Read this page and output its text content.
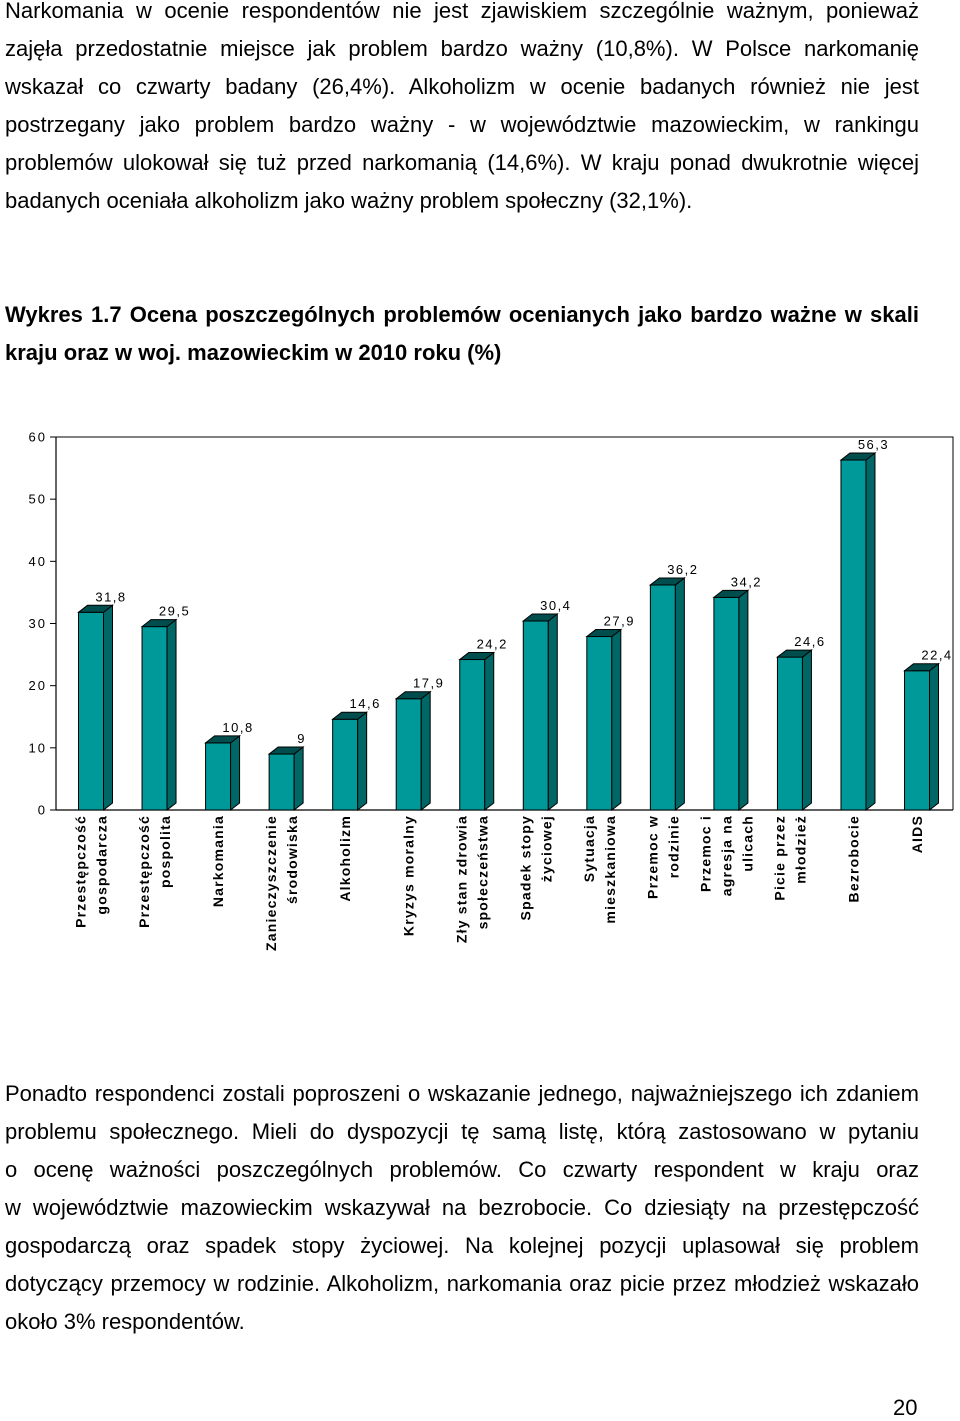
Narkomania w ocenie respondentów nie jest zjawiskiem szczególnie ważnym, ponieważ
zajęła przedostatnie miejsce jak problem bardzo ważny (10,8%). W Polsce narkomanię
wskazał co czwarty badany (26,4%). Alkoholizm w ocenie badanych również nie jest
postrzegany jako problem bardzo ważny - w województwie mazowieckim, w rankingu
problemów ulokował się tuż przed narkomanią (14,6%). W kraju ponad dwukrotnie więcej
badanych oceniała alkoholizm jako ważny problem społeczny (32,1%).
Wykres 1.7 Ocena poszczególnych problemów ocenianych jako bardzo ważne w skali
kraju oraz w woj. mazowieckim w 2010 roku (%)
0
10
20
30
40
50
60
31,8
Przestępczość gospodarcza
29,5
Przestępczość pospolita
10,8
Narkomania
9
Zanieczyszczenie środowiska
14,6
Alkoholizm
17,9
Kryzys moralny
24,2
Zły stan zdrowia społeczeństwa
30,4
Spadek stopy życiowej
27,9
Sytuacja mieszkaniowa
36,2
Przemoc w rodzinie
34,2
Przemoc i agresja na ulicach
24,6
Picie przez młodzież
56,3
Bezrobocie
22,4
AIDS
Ponadto respondenci zostali poproszeni o wskazanie jednego, najważniejszego ich zdaniem
problemu społecznego. Mieli do dyspozycji tę samą listę, którą zastosowano w pytaniu
o ocenę ważności poszczególnych problemów. Co czwarty respondent w kraju oraz
w województwie mazowieckim wskazywał na bezrobocie. Co dziesiąty na przestępczość
gospodarczą oraz spadek stopy życiowej. Na kolejnej pozycji uplasował się problem
dotyczący przemocy w rodzinie. Alkoholizm, narkomania oraz picie przez młodzież wskazało
około 3% respondentów.
20
